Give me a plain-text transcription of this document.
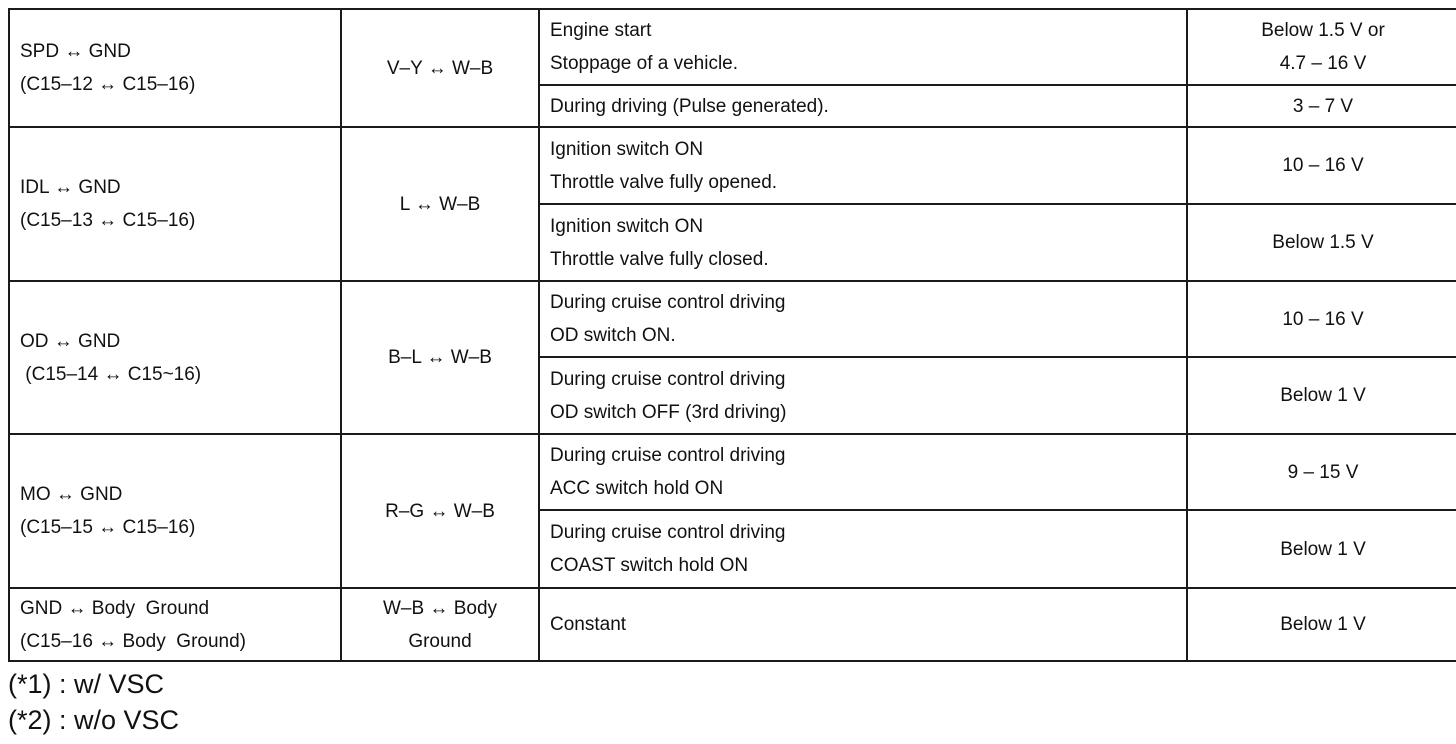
SPD ↔ GND
(C15–12 ↔ C15–16)	V–Y ↔ W–B	Engine start
Stoppage of a vehicle.	Below 1.5 V or
4.7 – 16 V

		During driving (Pulse generated).	3 – 7 V

IDL ↔ GND
(C15–13 ↔ C15–16)	L ↔ W–B	Ignition switch ON
Throttle valve fully opened.	10 – 16 V

		Ignition switch ON
Throttle valve fully closed.	Below 1.5 V

OD ↔ GND
(C15–14 ↔ C15~16)	B–L ↔ W–B	During cruise control driving
OD switch ON.	10 – 16 V

		During cruise control driving
OD switch OFF (3rd driving)	Below 1 V

MO ↔ GND
(C15–15 ↔ C15–16)	R–G ↔ W–B	During cruise control driving
ACC switch hold ON	9 – 15 V

		During cruise control driving
COAST switch hold ON	Below 1 V

GND ↔ Body  Ground
(C15–16 ↔ Body  Ground)	W–B ↔ Body
Ground	Constant	Below 1 V
(*1) : w/ VSC
(*2) : w/o VSC
